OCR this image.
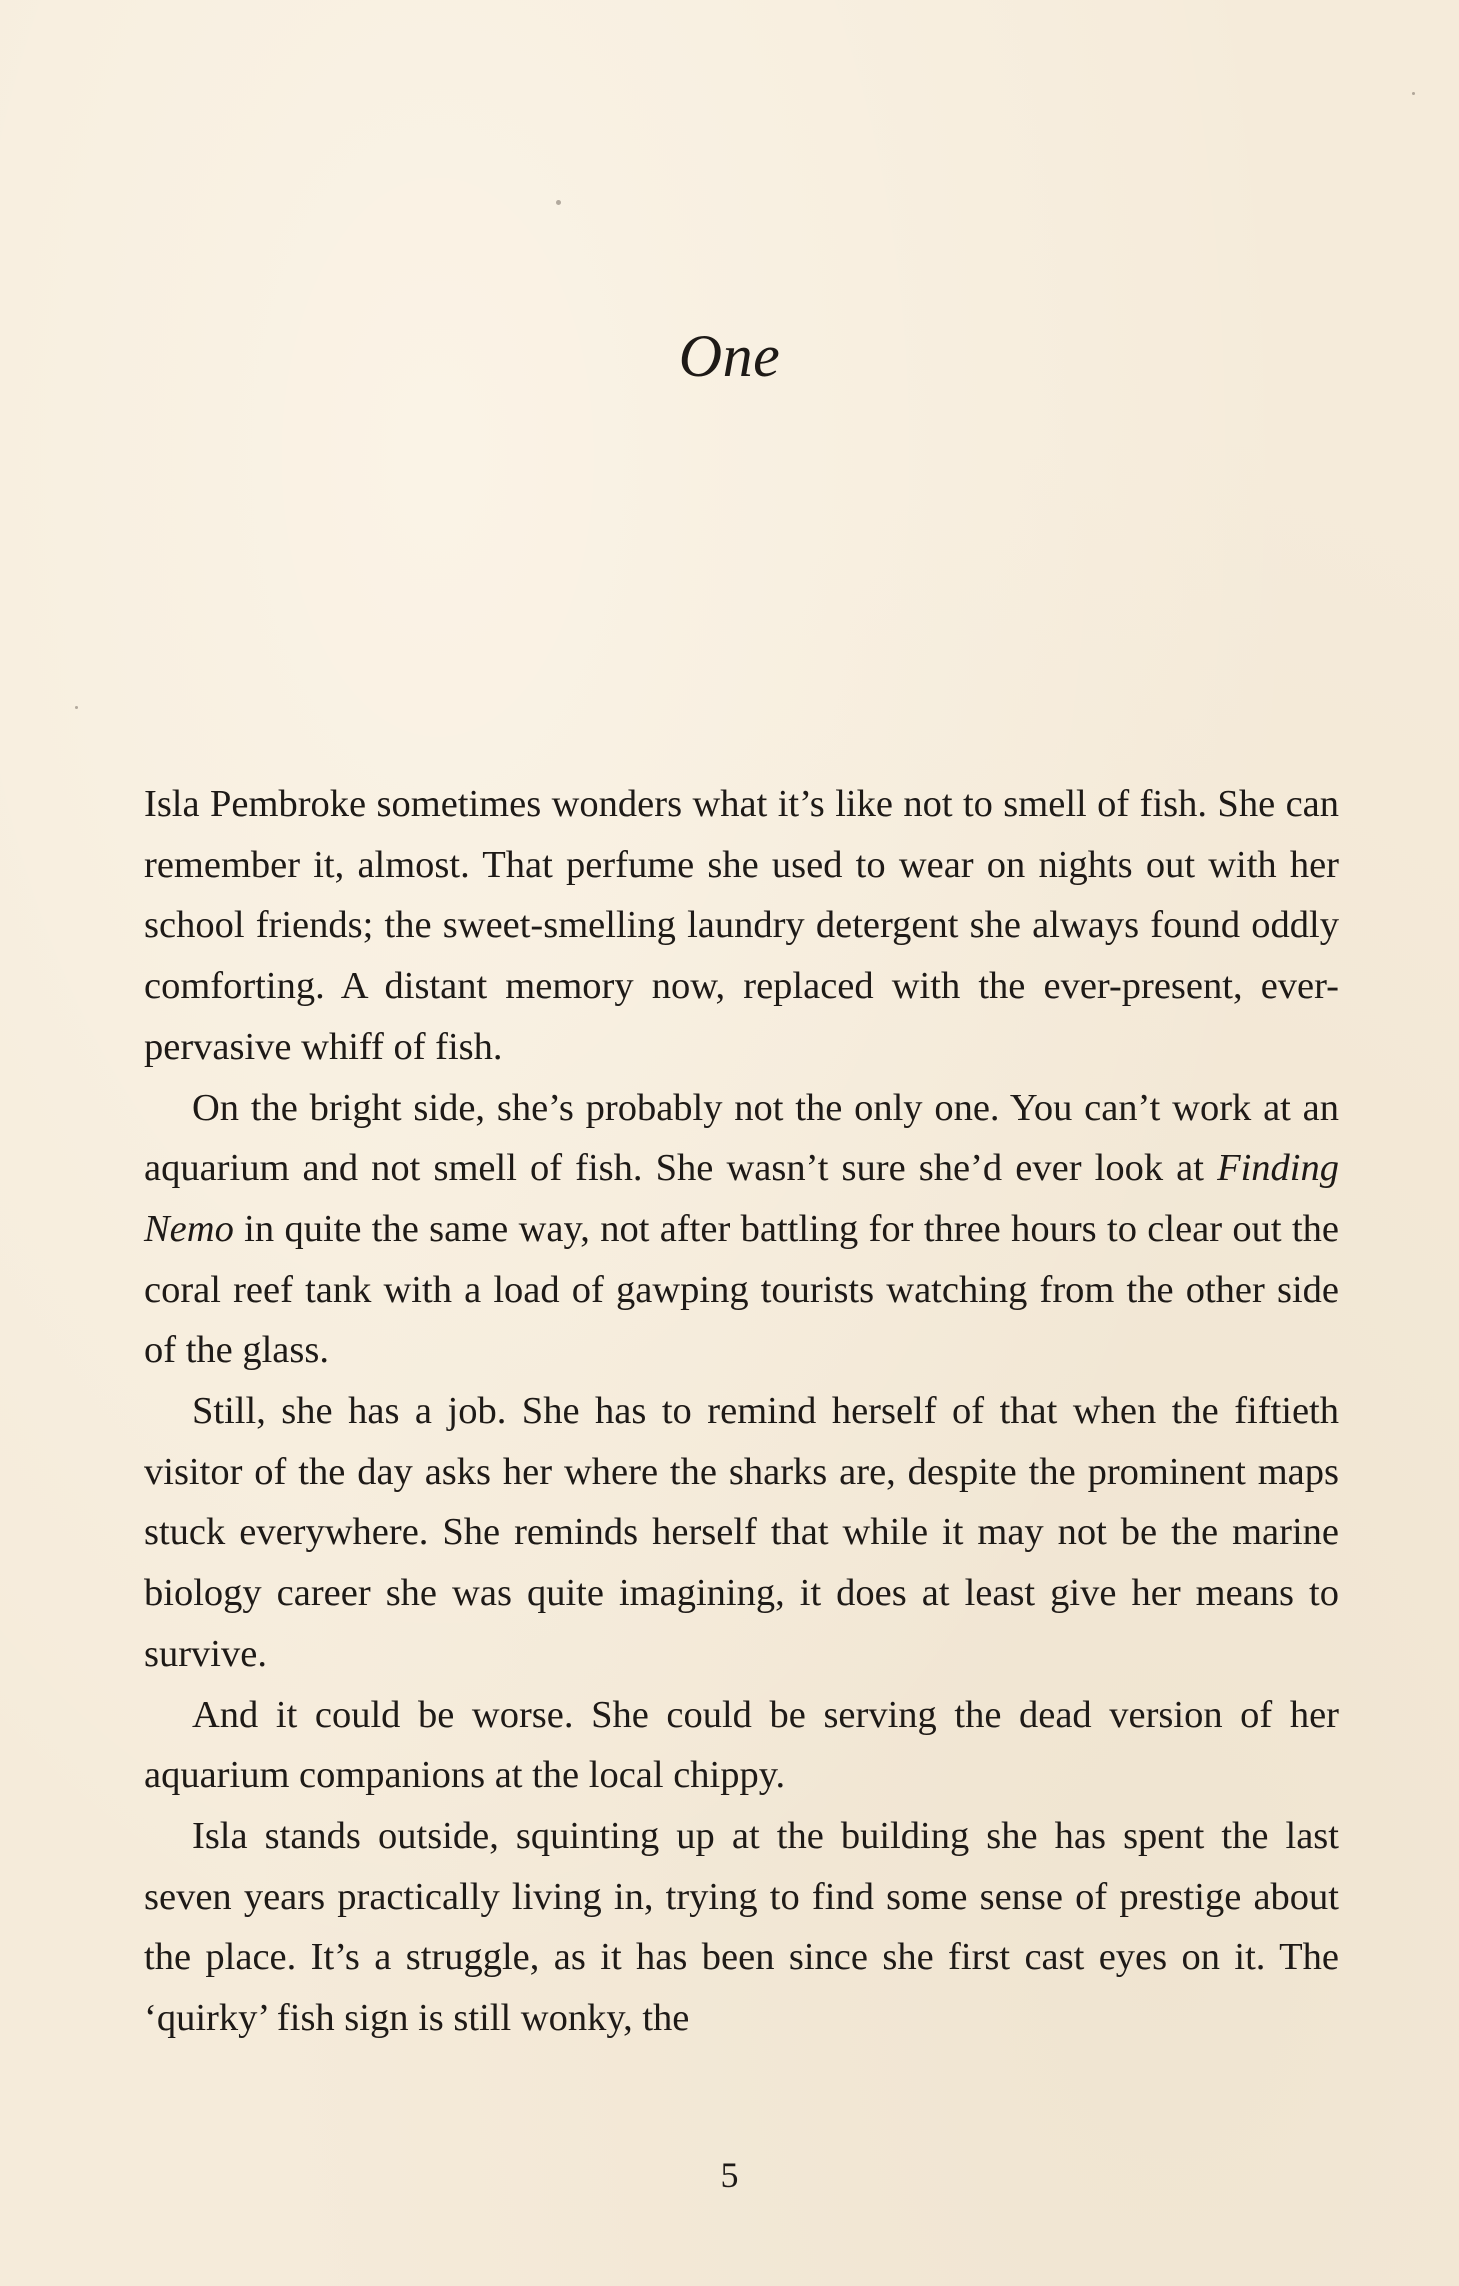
One

Isla Pembroke sometimes wonders what it’s like not to smell of fish. She can remember it, almost. That perfume she used to wear on nights out with her school friends; the sweet-smelling laundry detergent she always found oddly comforting. A distant memory now, replaced with the ever-present, ever-pervasive whiff of fish.

On the bright side, she’s probably not the only one. You can’t work at an aquarium and not smell of fish. She wasn’t sure she’d ever look at Finding Nemo in quite the same way, not after battling for three hours to clear out the coral reef tank with a load of gawping tourists watching from the other side of the glass.

Still, she has a job. She has to remind herself of that when the fiftieth visitor of the day asks her where the sharks are, despite the prominent maps stuck everywhere. She reminds herself that while it may not be the marine biology career she was quite imagining, it does at least give her means to survive.

And it could be worse. She could be serving the dead version of her aquarium companions at the local chippy.

Isla stands outside, squinting up at the building she has spent the last seven years practically living in, trying to find some sense of prestige about the place. It’s a struggle, as it has been since she first cast eyes on it. The ‘quirky’ fish sign is still wonky, the

5
